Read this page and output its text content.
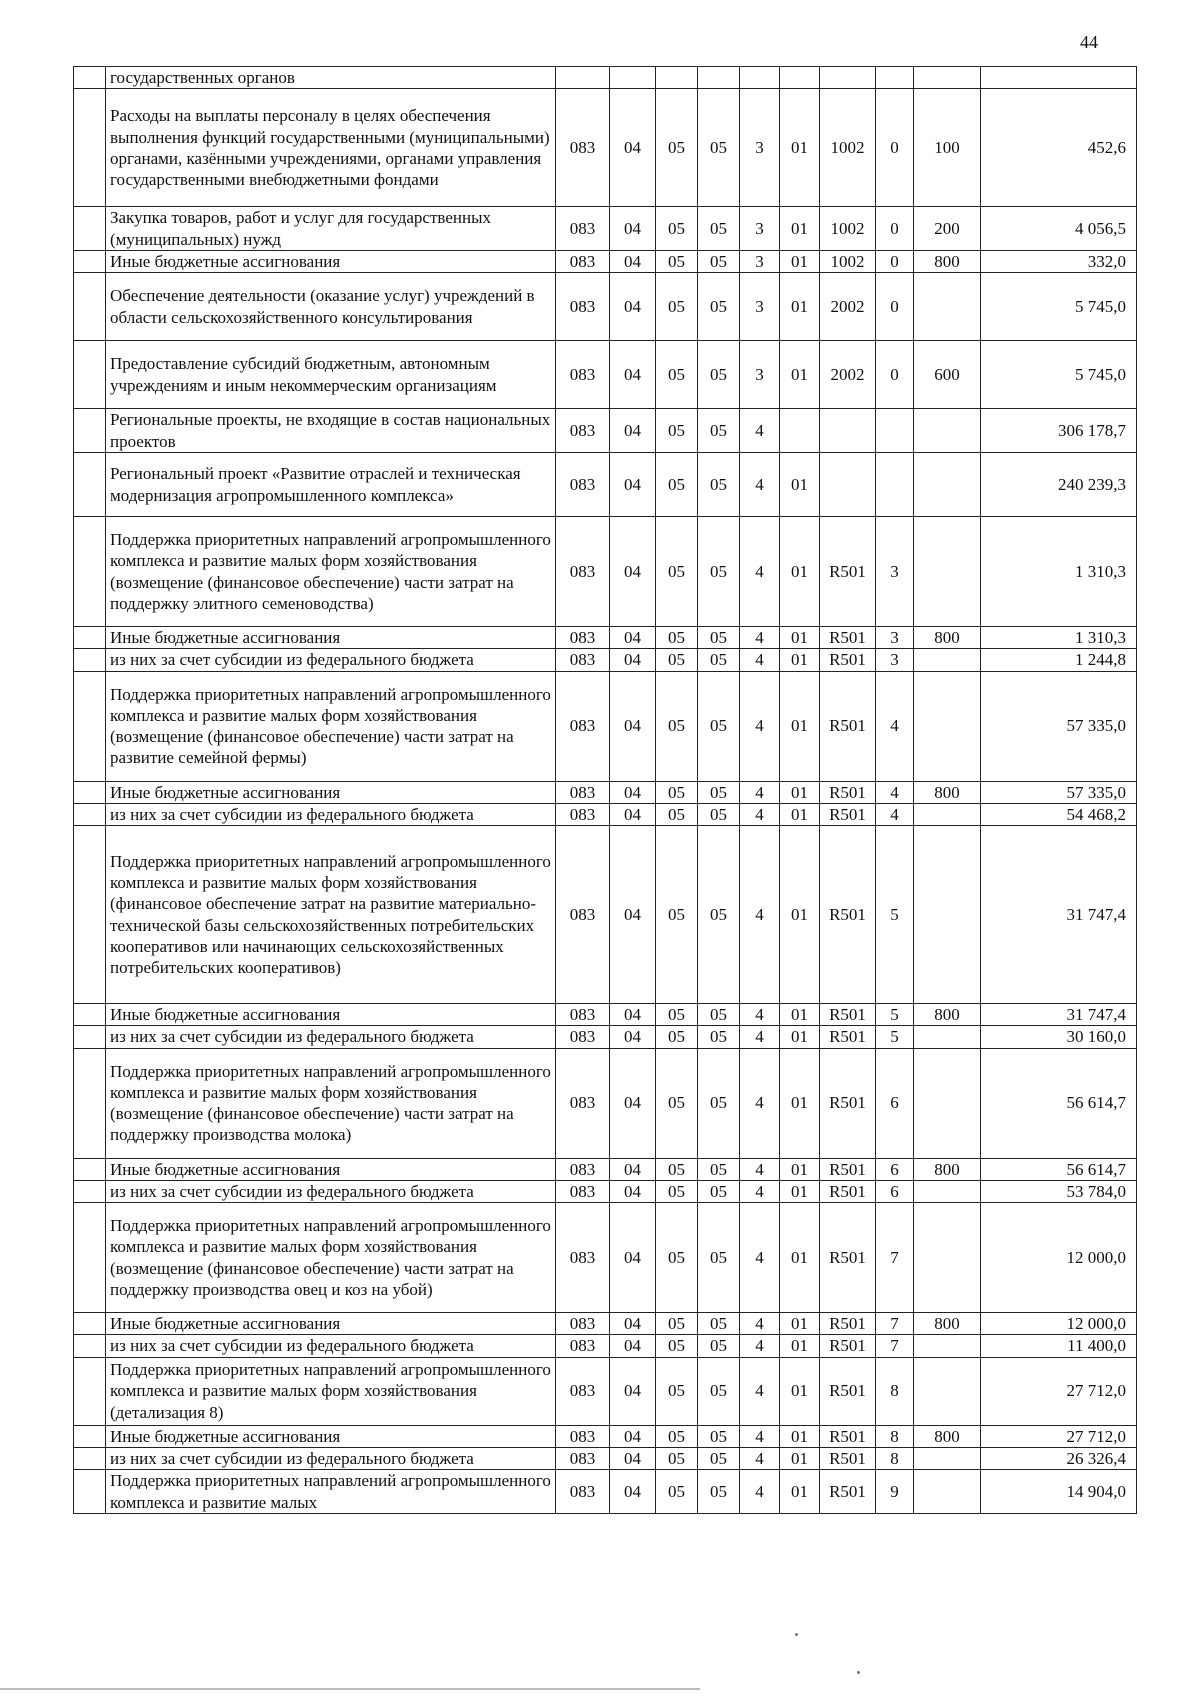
44
	государственных органов										
	Расходы на выплаты персоналу в целях обеспечения выполнения функций государственными (муниципальными) органами, казёнными учреждениями, органами управления государственными внебюджетными фондами	083	04	05	05	3	01	1002	0	100	452,6
	Закупка товаров, работ и услуг для государственных (муниципальных) нужд	083	04	05	05	3	01	1002	0	200	4 056,5
	Иные бюджетные ассигнования	083	04	05	05	3	01	1002	0	800	332,0
	Обеспечение деятельности (оказание услуг) учреждений в области сельскохозяйственного консультирования	083	04	05	05	3	01	2002	0		5 745,0
	Предоставление субсидий бюджетным, автономным учреждениям и иным некоммерческим организациям	083	04	05	05	3	01	2002	0	600	5 745,0
	Региональные проекты, не входящие в состав национальных проектов	083	04	05	05	4					306 178,7
	Региональный проект «Развитие отраслей и техническая модернизация агропромышленного комплекса»	083	04	05	05	4	01				240 239,3
	Поддержка приоритетных направлений агропромышленного комплекса и развитие малых форм хозяйствования (возмещение (финансовое обеспечение) части затрат на поддержку элитного семеноводства)	083	04	05	05	4	01	R501	3		1 310,3
	Иные бюджетные ассигнования	083	04	05	05	4	01	R501	3	800	1 310,3
	из них за счет субсидии из федерального бюджета	083	04	05	05	4	01	R501	3		1 244,8
	Поддержка приоритетных направлений агропромышленного комплекса и развитие малых форм хозяйствования (возмещение (финансовое обеспечение) части затрат на развитие семейной фермы)	083	04	05	05	4	01	R501	4		57 335,0
	Иные бюджетные ассигнования	083	04	05	05	4	01	R501	4	800	57 335,0
	из них за счет субсидии из федерального бюджета	083	04	05	05	4	01	R501	4		54 468,2
	Поддержка приоритетных направлений агропромышленного комплекса и развитие малых форм хозяйствования (финансовое обеспечение затрат на развитие материально-технической базы сельскохозяйственных потребительских кооперативов или начинающих сельскохозяйственных потребительских кооперативов)	083	04	05	05	4	01	R501	5		31 747,4
	Иные бюджетные ассигнования	083	04	05	05	4	01	R501	5	800	31 747,4
	из них за счет субсидии из федерального бюджета	083	04	05	05	4	01	R501	5		30 160,0
	Поддержка приоритетных направлений агропромышленного комплекса и развитие малых форм хозяйствования (возмещение (финансовое обеспечение) части затрат на поддержку производства молока)	083	04	05	05	4	01	R501	6		56 614,7
	Иные бюджетные ассигнования	083	04	05	05	4	01	R501	6	800	56 614,7
	из них за счет субсидии из федерального бюджета	083	04	05	05	4	01	R501	6		53 784,0
	Поддержка приоритетных направлений агропромышленного комплекса и развитие малых форм хозяйствования (возмещение (финансовое обеспечение) части затрат на поддержку производства овец и коз на убой)	083	04	05	05	4	01	R501	7		12 000,0
	Иные бюджетные ассигнования	083	04	05	05	4	01	R501	7	800	12 000,0
	из них за счет субсидии из федерального бюджета	083	04	05	05	4	01	R501	7		11 400,0
	Поддержка приоритетных направлений агропромышленного комплекса и развитие малых форм хозяйствования (детализация 8)	083	04	05	05	4	01	R501	8		27 712,0
	Иные бюджетные ассигнования	083	04	05	05	4	01	R501	8	800	27 712,0
	из них за счет субсидии из федерального бюджета	083	04	05	05	4	01	R501	8		26 326,4
	Поддержка приоритетных направлений агропромышленного комплекса и развитие малых	083	04	05	05	4	01	R501	9		14 904,0
